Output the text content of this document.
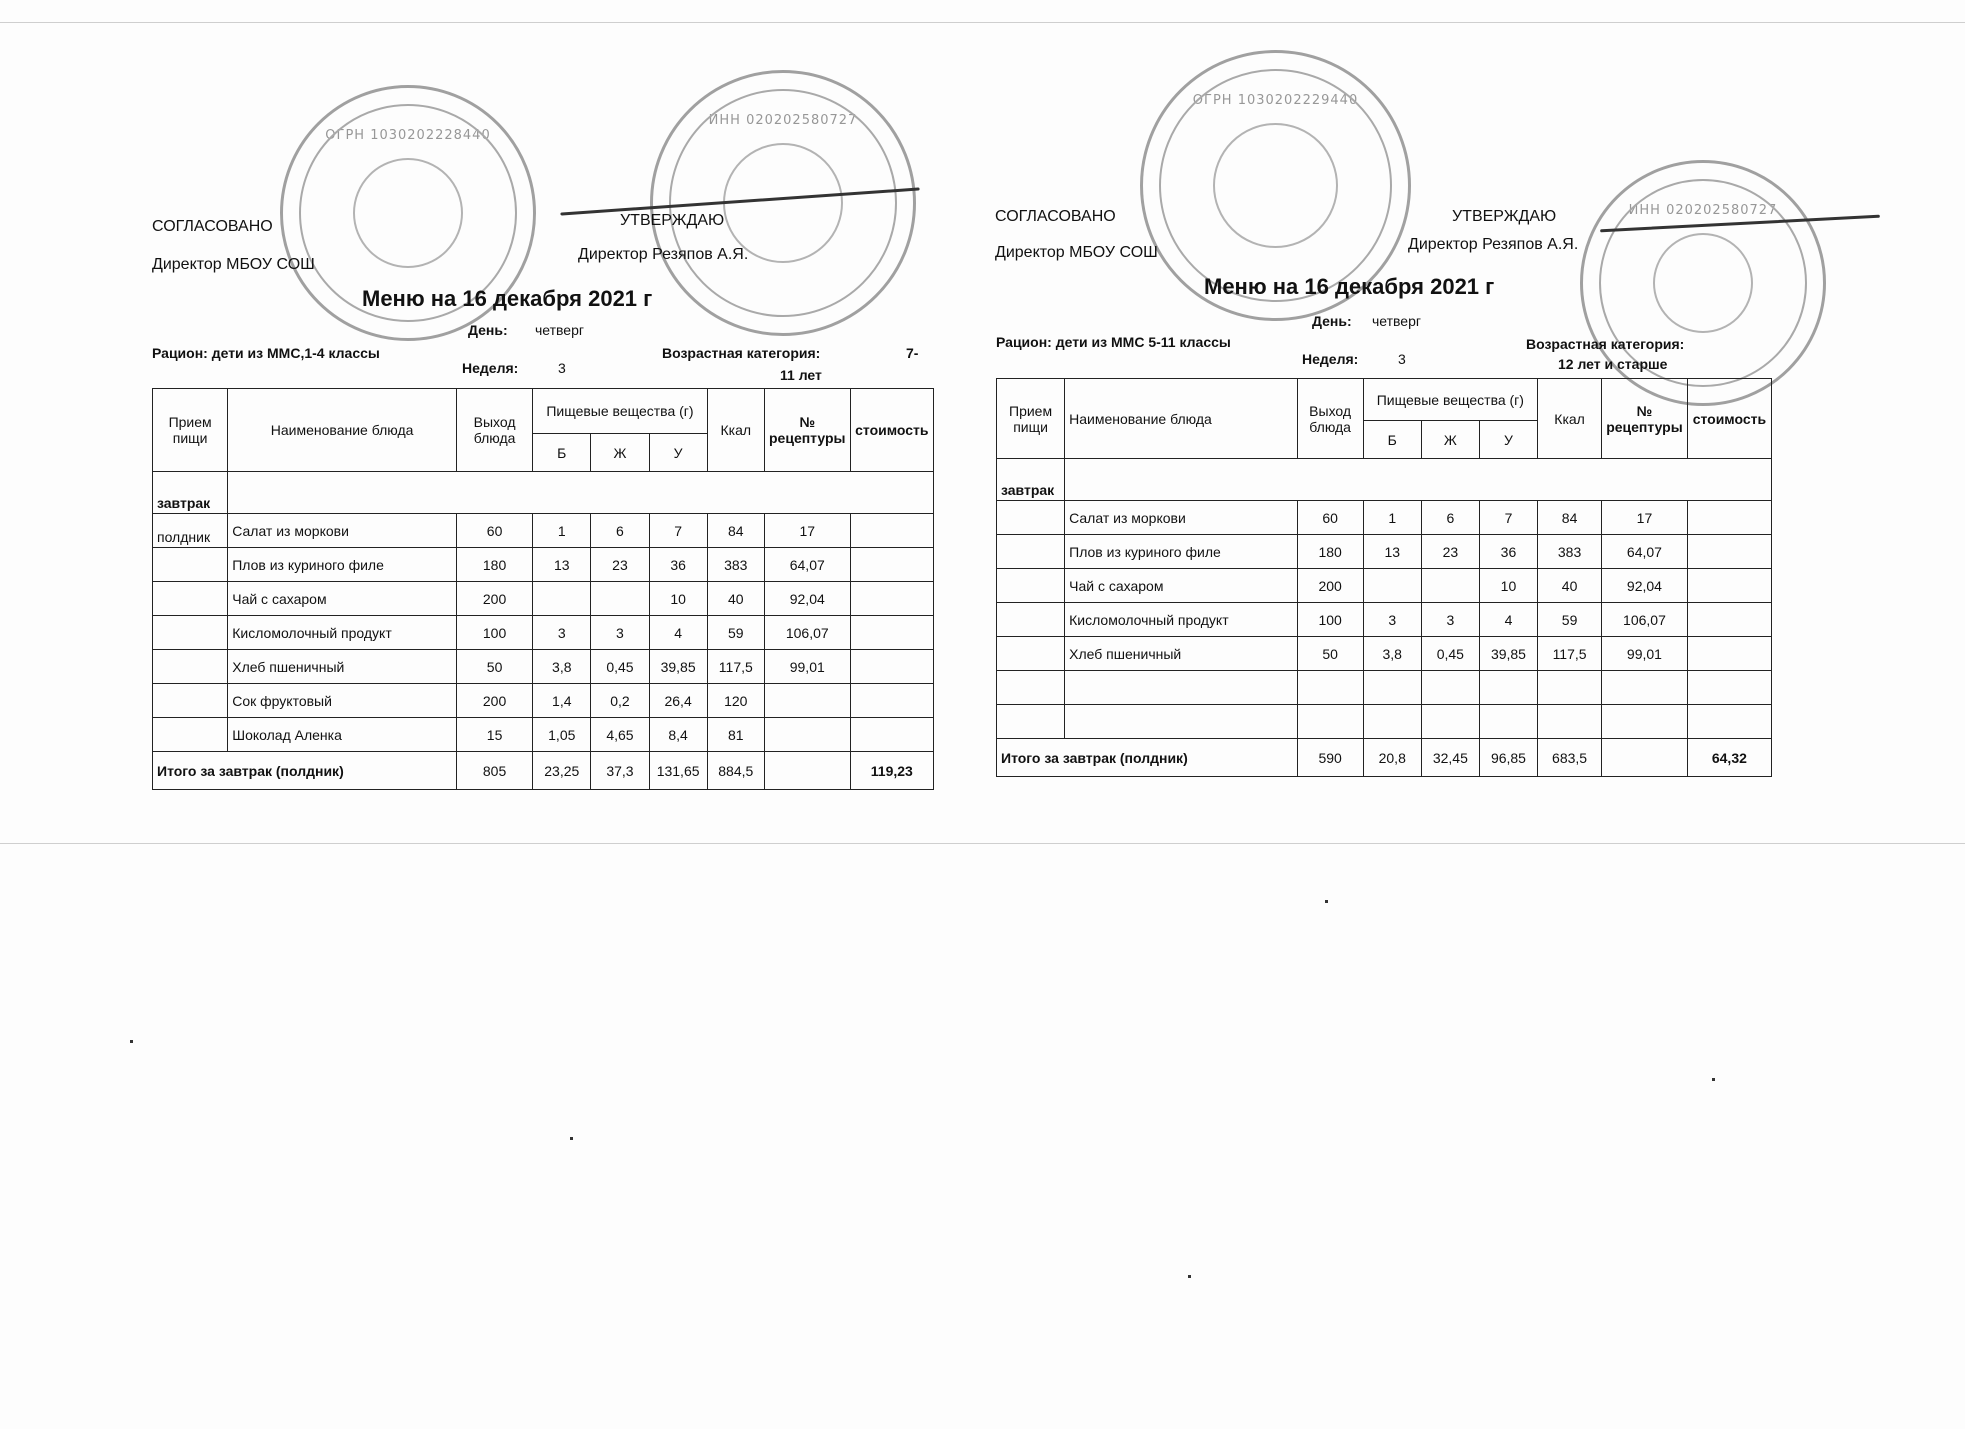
ОГРН 1030202228440
ИНН 020202580727
СОГЛАСОВАНО	УТВЕРЖДАЮ
Директор МБОУ СОШ
Директор Резяпов А.Я.
Меню на 16 декабря 2021 г
День: четверг
Рацион: дети из ММС,1-4 классы
Неделя:	3
Возрастная категория:	7-
11 лет
Прием пищи	Наименование блюда	Выход блюда	Пищевые вещества (г)			Ккал	№ рецептуры	стоимость
			Б	Ж	У			
завтрак								
полдник	Салат из моркови	60	1	6	7	84	17	
	Плов из куриного филе	180	13	23	36	383	64,07	
	Чай с сахаром	200			10	40	92,04	
	Кисломолочный продукт	100	3	3	4	59	106,07	
	Хлеб пшеничный	50	3,8	0,45	39,85	117,5	99,01	
	Сок фруктовый	200	1,4	0,2	26,4	120		
	Шоколад Аленка	15	1,05	4,65	8,4	81		
Итого за завтрак (полдник)		805	23,25	37,3	131,65	884,5		119,23
ОГРН 1030202229440
ИНН 020202580727
СОГЛАСОВАНО	УТВЕРЖДАЮ
Директор МБОУ СОШ	Директор Резяпов А.Я.
Меню на 16 декабря 2021 г
День: четверг
Рацион: дети из ММС 5-11 классы
Неделя:	3
Возрастная категория:
12 лет и старше
Прием пищи	Наименование блюда	Выход блюда	Пищевые вещества (г)			Ккал	№ рецептуры	стоимость
			Б	Ж	У			
завтрак								
	Салат из моркови	60	1	6	7	84	17	
	Плов из куриного филе	180	13	23	36	383	64,07	
	Чай с сахаром	200			10	40	92,04	
	Кисломолочный продукт	100	3	3	4	59	106,07	
	Хлеб пшеничный	50	3,8	0,45	39,85	117,5	99,01	

Итого за завтрак (полдник)		590	20,8	32,45	96,85	683,5		64,32
